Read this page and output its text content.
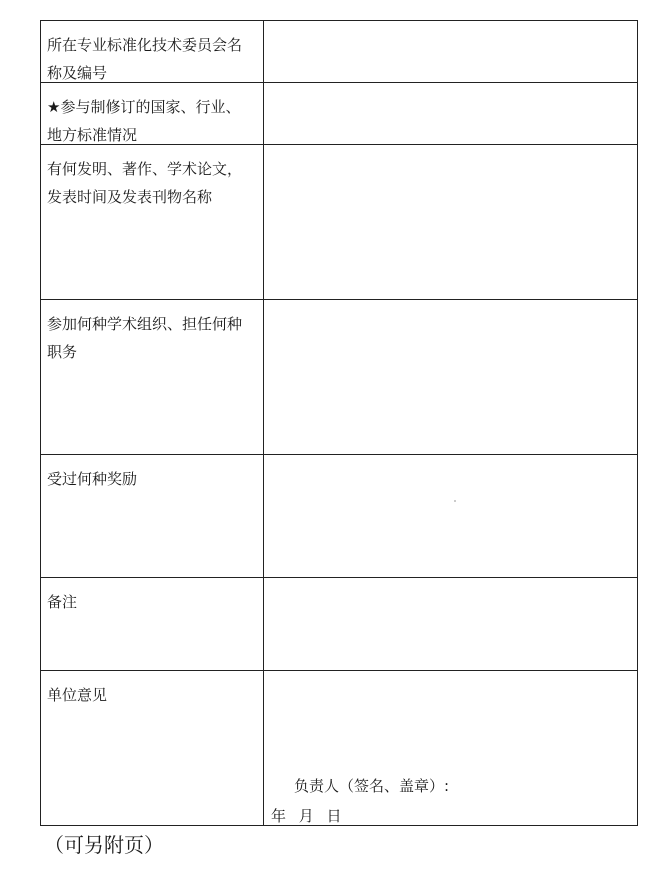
所在专业标准化技术委员会名
称及编号
★参与制修订的国家、行业、
地方标准情况
有何发明、著作、学术论文，
发表时间及发表刊物名称
参加何种学术组织、担任何种
职务
受过何种奖励
备注
单位意见
负责人（签名、盖章）:
年 月 日
（可另附页）
